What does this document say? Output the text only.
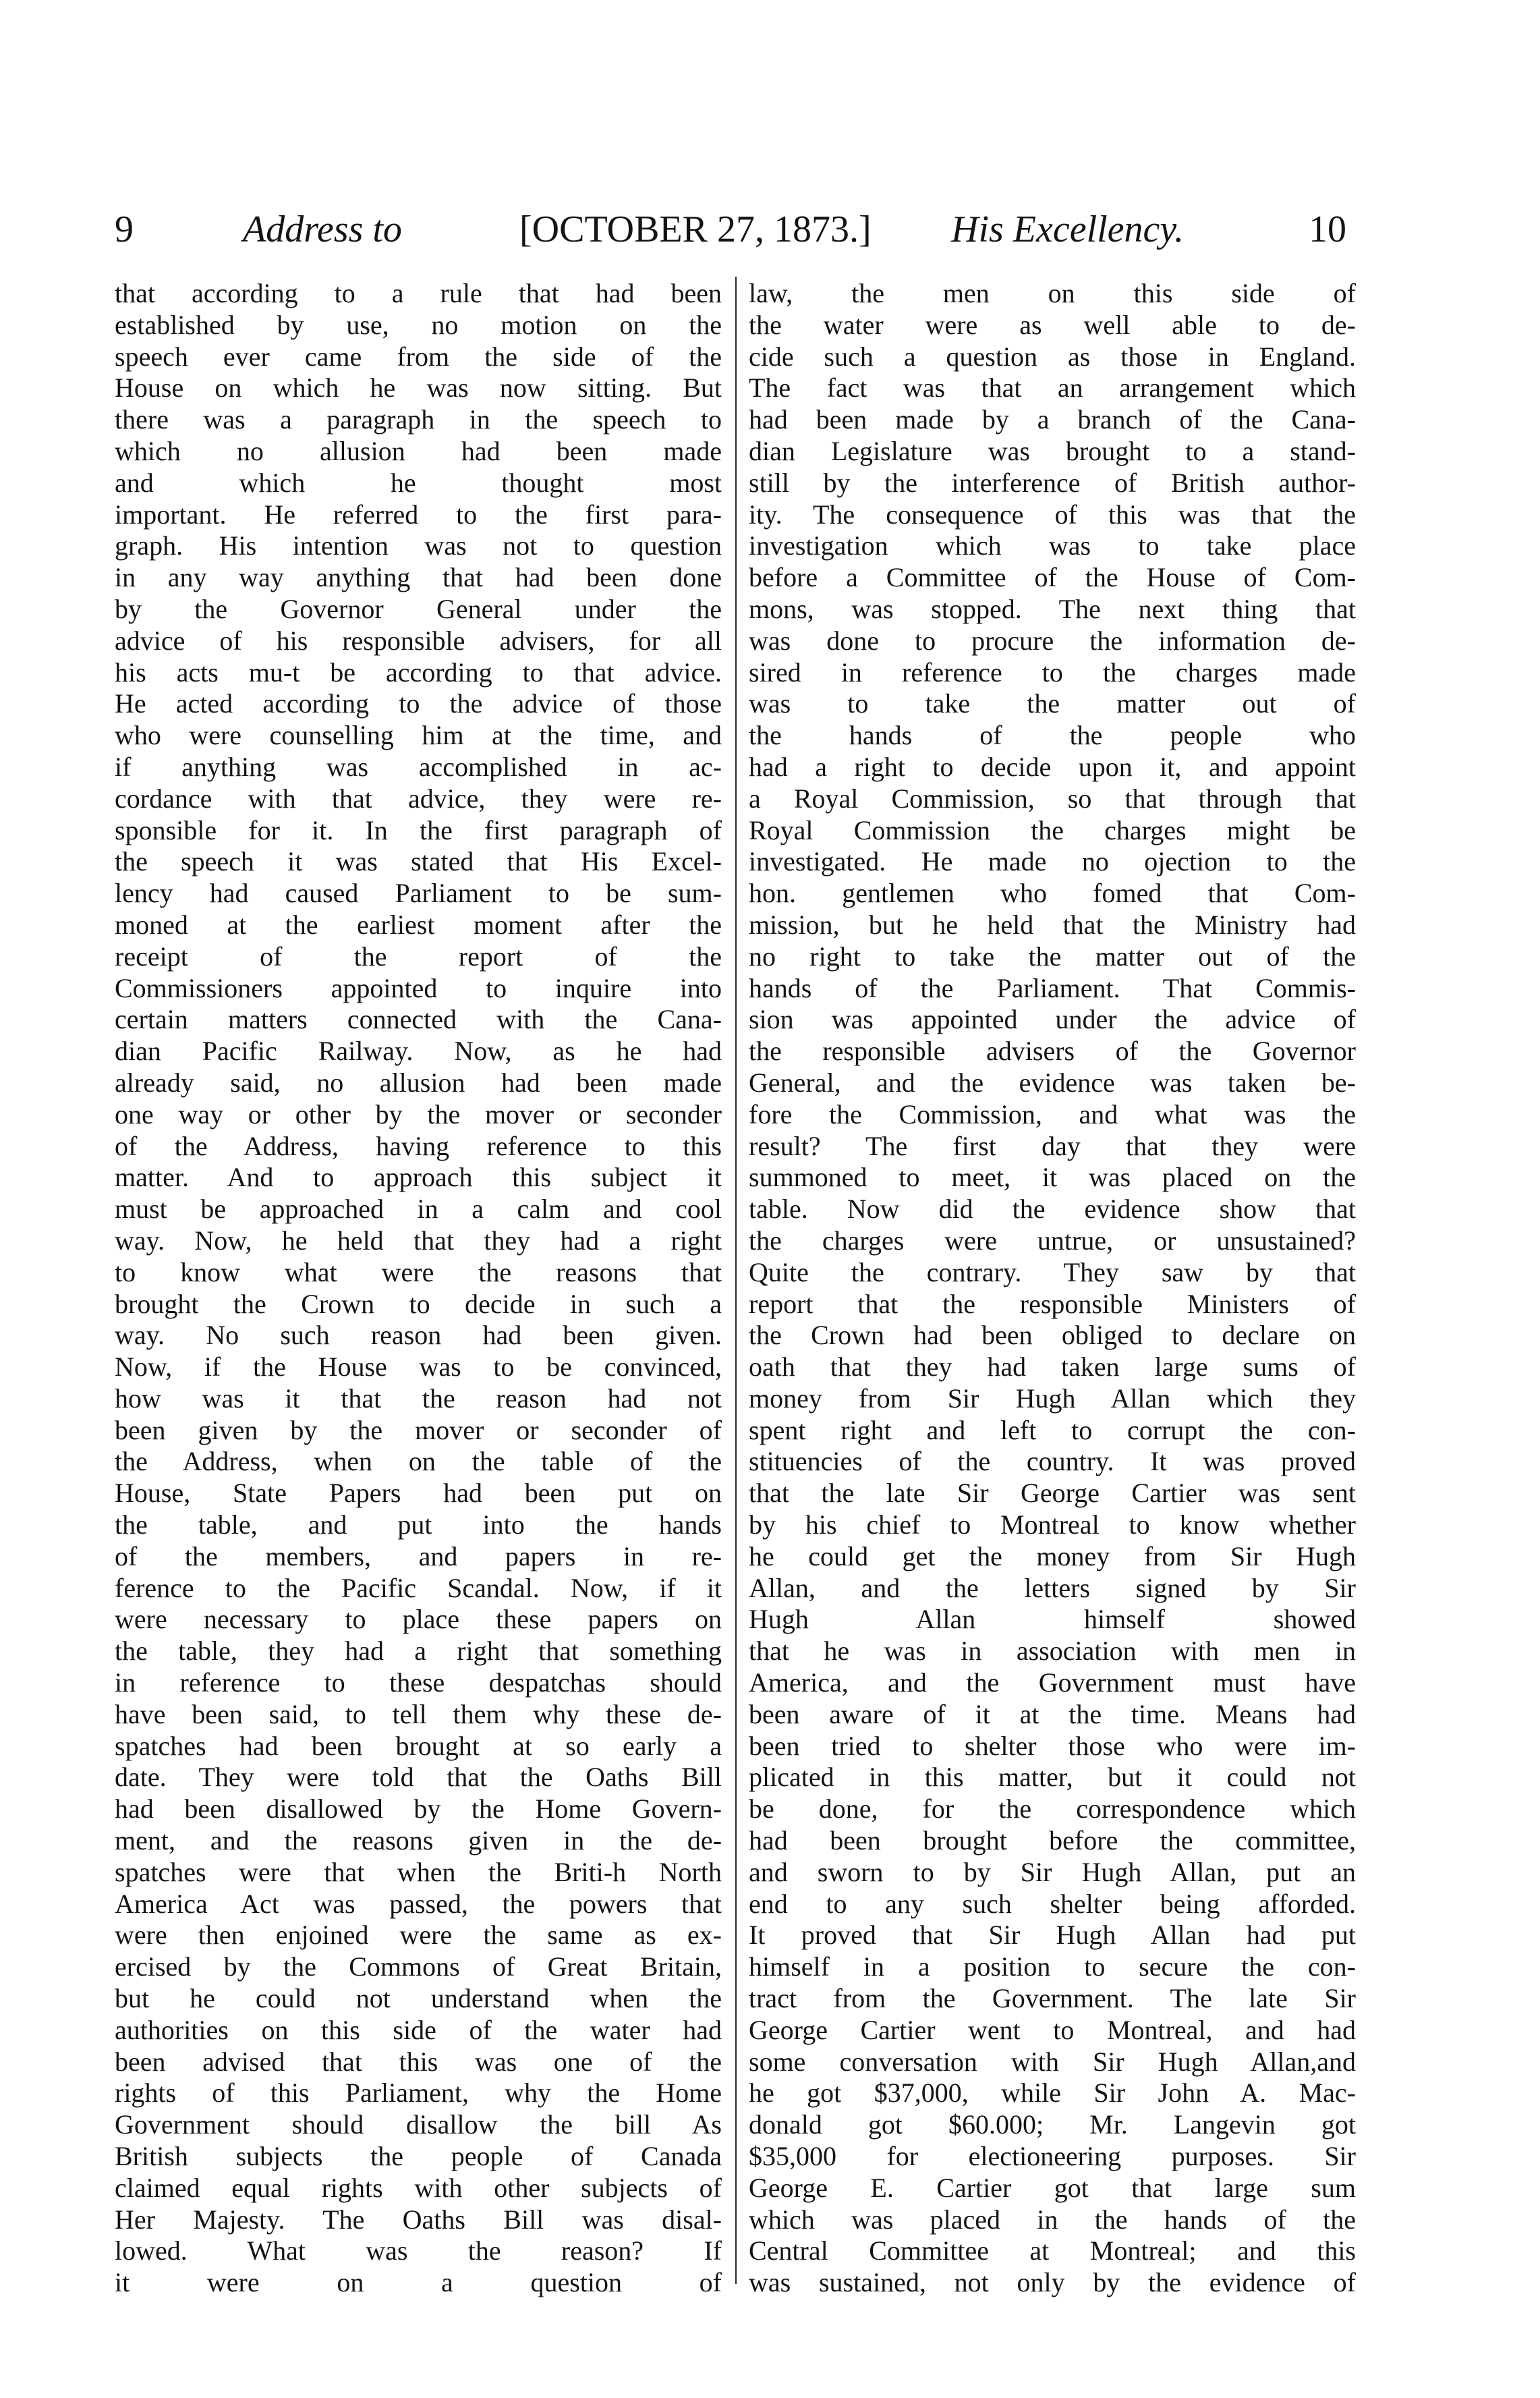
9	Address to	[OCTOBER 27, 1873.] His Excellency.	10
that according to a rule that had been
established by use, no motion on the
speech ever came from the side of the
House on which he was now sitting. But
there was a paragraph in the speech to
which no allusion had been made
and which he thought most
important. He referred to the first para-
graph. His intention was not to question
in any way anything that had been done
by the Governor General under the
advice of his responsible advisers, for all
his acts mu-t be according to that advice.
He acted according to the advice of those
who were counselling him at the time, and
if anything was accomplished in ac-
cordance with that advice, they were re-
sponsible for it. In the first paragraph of
the speech it was stated that His Excel-
lency had caused Parliament to be sum-
moned at the earliest moment after the
receipt of the report of the
Commissioners appointed to inquire into
certain matters connected with the Cana-
dian Pacific Railway. Now, as he had
already said, no allusion had been made
one way or other by the mover or seconder
of the Address, having reference to this
matter. And to approach this subject it
must be approached in a calm and cool
way. Now, he held that they had a right
to know what were the reasons that
brought the Crown to decide in such a
way. No such reason had been given.
Now, if the House was to be convinced,
how was it that the reason had not
been given by the mover or seconder of
the Address, when on the table of the
House, State Papers had been put on
the table, and put into the hands
of the members, and papers in re-
ference to the Pacific Scandal. Now, if it
were necessary to place these papers on
the table, they had a right that something
in reference to these despatchas should
have been said, to tell them why these de-
spatches had been brought at so early a
date. They were told that the Oaths Bill
had been disallowed by the Home Govern-
ment, and the reasons given in the de-
spatches were that when the Briti-h North
America Act was passed, the powers that
were then enjoined were the same as ex-
ercised by the Commons of Great Britain,
but he could not understand when the
authorities on this side of the water had
been advised that this was one of the
rights of this Parliament, why the Home
Government should disallow the bill As
British subjects the people of Canada
claimed equal rights with other subjects of
Her Majesty. The Oaths Bill was disal-
lowed. What was the reason? If
it were on a question of
law, the men on this side of
the water were as well able to de-
cide such a question as those in England.
The fact was that an arrangement which
had been made by a branch of the Cana-
dian Legislature was brought to a stand-
still by the interference of British author-
ity. The consequence of this was that the
investigation which was to take place
before a Committee of the House of Com-
mons, was stopped. The next thing that
was done to procure the information de-
sired in reference to the charges made
was to take the matter out of
the hands of the people who
had a right to decide upon it, and appoint
a Royal Commission, so that through that
Royal Commission the charges might be
investigated. He made no ojection to the
hon. gentlemen who fomed that Com-
mission, but he held that the Ministry had
no right to take the matter out of the
hands of the Parliament. That Commis-
sion was appointed under the advice of
the responsible advisers of the Governor
General, and the evidence was taken be-
fore the Commission, and what was the
result? The first day that they were
summoned to meet, it was placed on the
table. Now did the evidence show that
the charges were untrue, or unsustained?
Quite the contrary. They saw by that
report that the responsible Ministers of
the Crown had been obliged to declare on
oath that they had taken large sums of
money from Sir Hugh Allan which they
spent right and left to corrupt the con-
stituencies of the country. It was proved
that the late Sir George Cartier was sent
by his chief to Montreal to know whether
he could get the money from Sir Hugh
Allan, and the letters signed by Sir
Hugh Allan himself showed
that he was in association with men in
America, and the Government must have
been aware of it at the time. Means had
been tried to shelter those who were im-
plicated in this matter, but it could not
be done, for the correspondence which
had been brought before the committee,
and sworn to by Sir Hugh Allan, put an
end to any such shelter being afforded.
It proved that Sir Hugh Allan had put
himself in a position to secure the con-
tract from the Government. The late Sir
George Cartier went to Montreal, and had
some conversation with Sir Hugh Allan,and
he got $37,000, while Sir John A. Mac-
donald got $60.000; Mr. Langevin got
$35,000 for electioneering purposes. Sir
George E. Cartier got that large sum
which was placed in the hands of the
Central Committee at Montreal; and this
was sustained, not only by the evidence of
